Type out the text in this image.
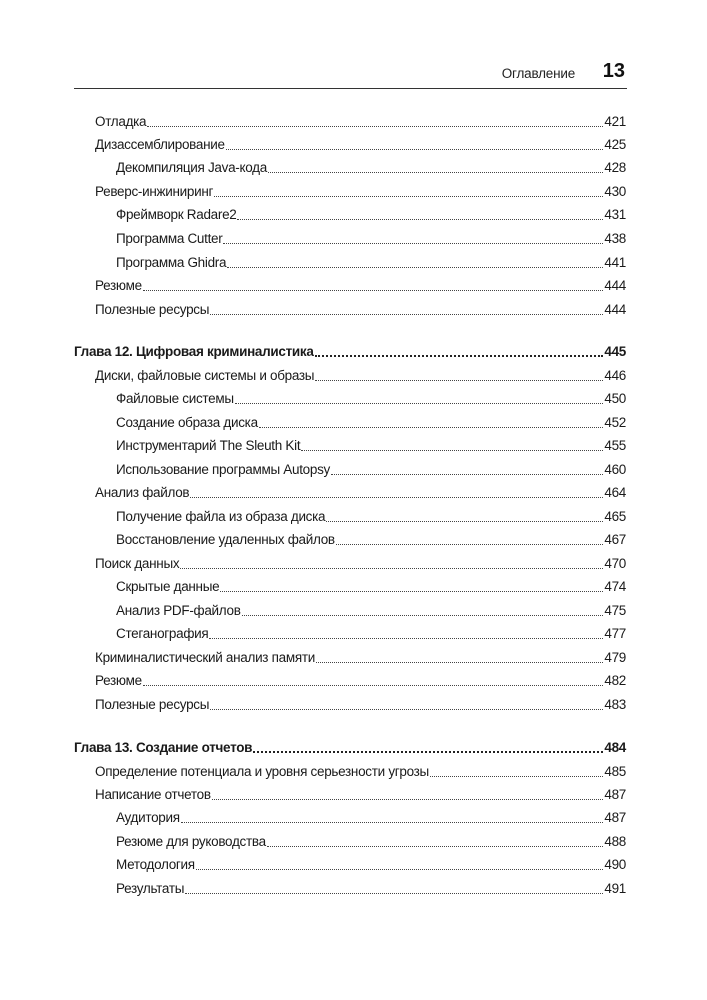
Оглавление 13
Отладка	421
Дизассемблирование	425
Декомпиляция Java-кода	428
Реверс-инжиниринг	430
Фреймворк Radare2	431
Программа Cutter	438
Программа Ghidra	441
Резюме	444
Полезные ресурсы	444
Глава 12. Цифровая криминалистика	445
Диски, файловые системы и образы	446
Файловые системы	450
Создание образа диска	452
Инструментарий The Sleuth Kit	455
Использование программы Autopsy	460
Анализ файлов	464
Получение файла из образа диска	465
Восстановление удаленных файлов	467
Поиск данных	470
Скрытые данные	474
Анализ PDF-файлов	475
Стеганография	477
Криминалистический анализ памяти	479
Резюме	482
Полезные ресурсы	483
Глава 13. Создание отчетов	484
Определение потенциала и уровня серьезности угрозы	485
Написание отчетов	487
Аудитория	487
Резюме для руководства	488
Методология	490
Результаты	491
